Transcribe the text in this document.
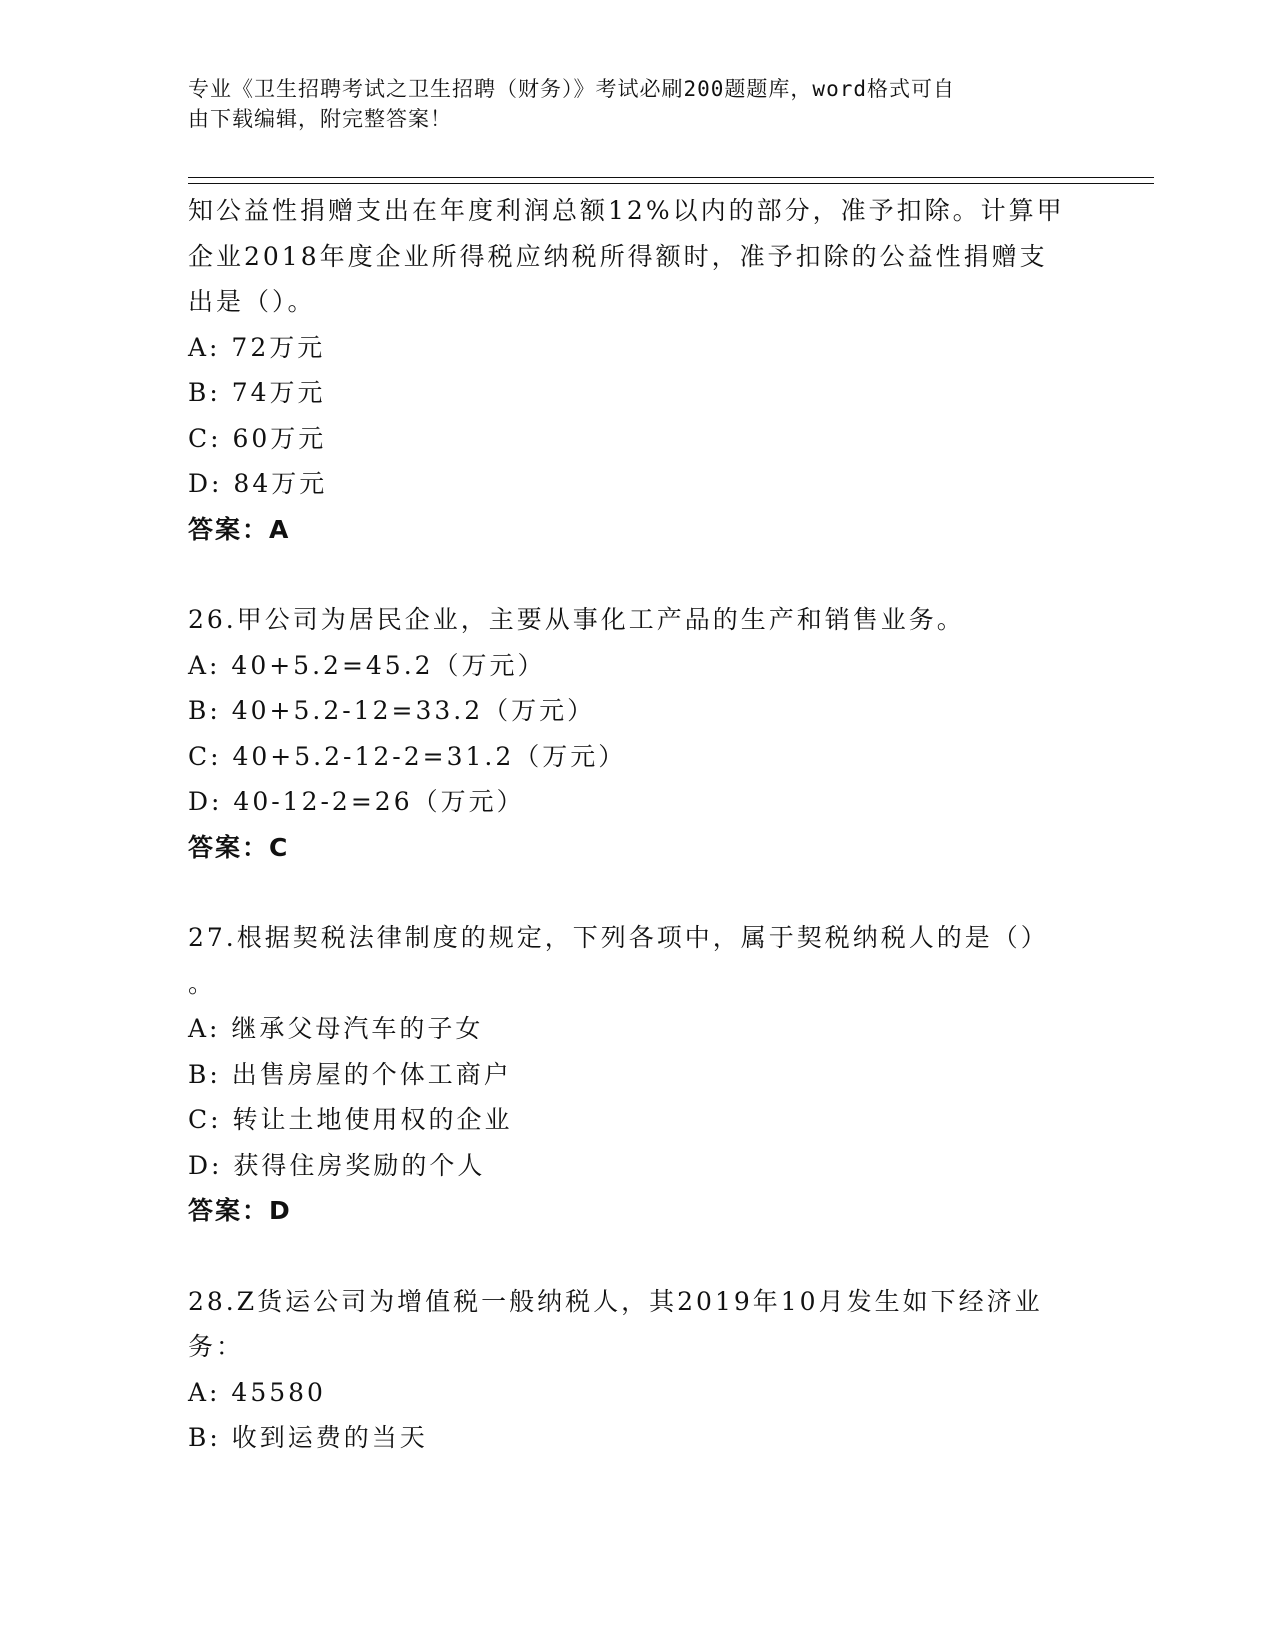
专业《卫生招聘考试之卫生招聘（财务）》考试必刷200题题库，word格式可自
由下载编辑，附完整答案！
知公益性捐赠支出在年度利润总额12%以内的部分，准予扣除。计算甲
企业2018年度企业所得税应纳税所得额时，准予扣除的公益性捐赠支
出是（）。
A: 72万元
B: 74万元
C: 60万元
D: 84万元
答案：A
26.甲公司为居民企业，主要从事化工产品的生产和销售业务。
A: 40+5.2=45.2（万元）
B: 40+5.2-12=33.2（万元）
C: 40+5.2-12-2=31.2（万元）
D: 40-12-2=26（万元）
答案：C
27.根据契税法律制度的规定，下列各项中，属于契税纳税人的是（）
。
A: 继承父母汽车的子女
B: 出售房屋的个体工商户
C: 转让土地使用权的企业
D: 获得住房奖励的个人
答案：D
28.Z货运公司为增值税一般纳税人，其2019年10月发生如下经济业
务：
A: 45580
B: 收到运费的当天
